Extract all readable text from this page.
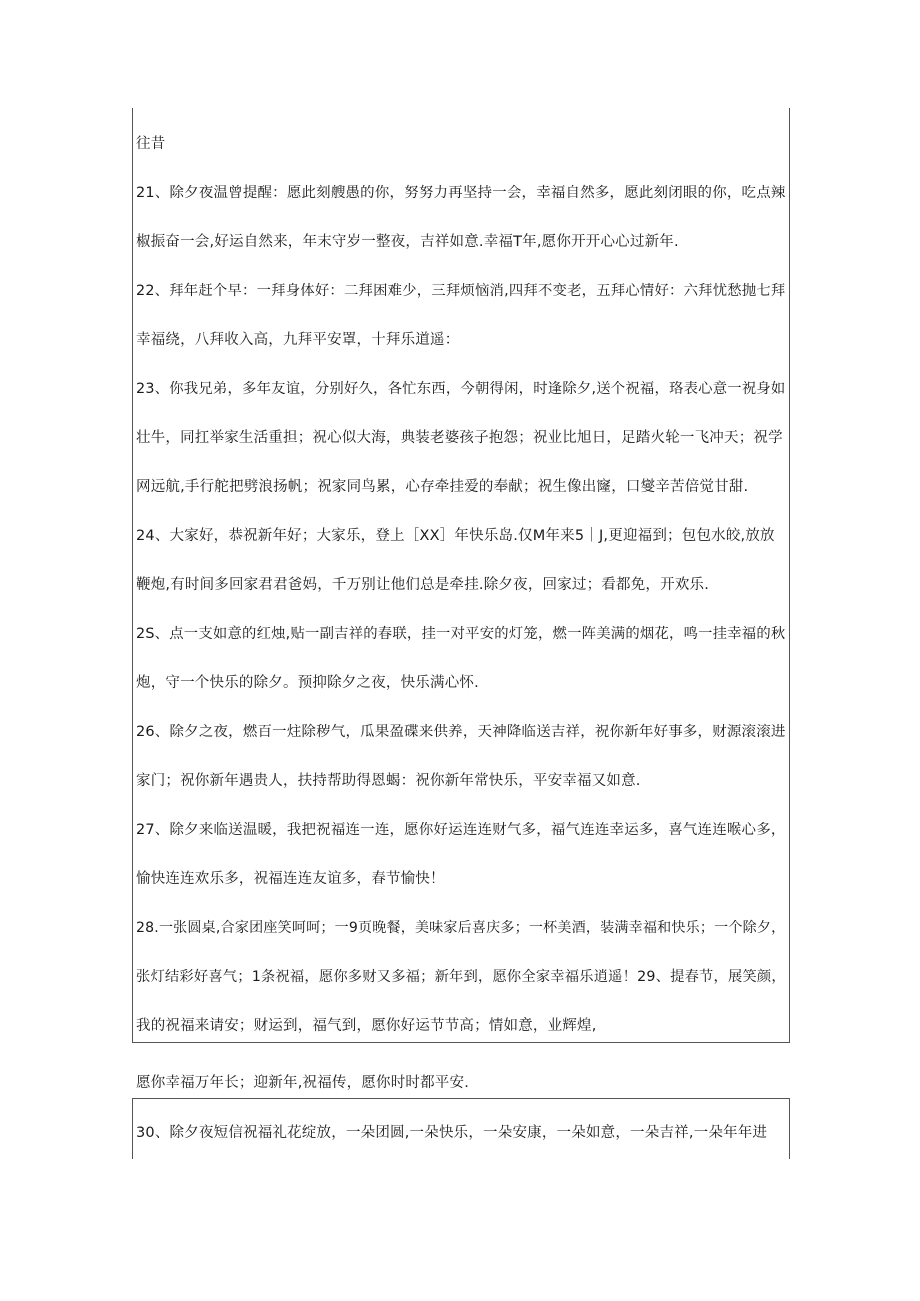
往昔
21、除夕夜温曾提醒：愿此刻艘愚的你，努努力再坚持一会，幸福自然多，愿此刻闭眼的你，吃点辣
椒振奋一会,好运自然来，年末守岁一整夜，吉祥如意.幸福T年,愿你开开心心过新年.
22、拜年赶个早：一拜身体好：二拜困难少，三拜烦恼消,四拜不变老，五拜心情好：六拜忧愁抛七拜
幸福绕，八拜收入高，九拜平安罩，十拜乐道遥：
23、你我兄弟，多年友谊，分别好久，各忙东西，今朝得闲，时逢除夕,送个祝福，珞表心意一祝身如
壮牛，同扛举家生活重担；祝心似大海，典装老婆孩子抱怨；祝业比旭日，足踏火轮一飞冲天；祝学
网远航,手行舵把劈浪扬帆；祝家同鸟累，心存牵挂爱的奉献；祝生像出窿，口燮辛苦倍觉甘甜.
24、大家好，恭祝新年好；大家乐，登上［XX］年快乐岛.仅M年来5｜J,更迎福到；包包水皎,放放
鞭炮,有时间多回家君君爸妈，千万别让他们总是牵挂.除夕夜，回家过；看都免，开欢乐.
2S、点一支如意的红烛,贴一副吉祥的春联，挂一对平安的灯笼，燃一阵美满的烟花，鸣一挂幸福的秋
炮，守一个快乐的除夕。预抑除夕之夜，快乐满心怀.
26、除夕之夜，燃百一炷除秽气，瓜果盈碟来供养，天神降临送吉祥，祝你新年好事多，财源滚滚进
家门；祝你新年遇贵人，扶持帮助得恩蝎：祝你新年常快乐，平安幸福又如意.
27、除夕来临送温暖，我把祝福连一连，愿你好运连连财气多，福气连连幸运多，喜气连连喉心多，
愉快连连欢乐多，祝福连连友谊多，春节愉快！
28.一张圆桌,合家团座笑呵呵；一9页晚餐，美味家后喜庆多；一杯美酒，装满幸福和快乐；一个除夕，
张灯结彩好喜气；1条祝福，愿你多财又多福；新年到，愿你全家幸福乐逍遥！29、提春节，展笑颜，
我的祝福来请安；财运到，福气到，愿你好运节节高；情如意，业辉煌,
愿你幸福万年长；迎新年,祝福传，愿你时时都平安.
30、除夕夜短信祝福礼花绽放，一朵团圆,一朵快乐，一朵安康，一朵如意，一朵吉祥,一朵年年进
